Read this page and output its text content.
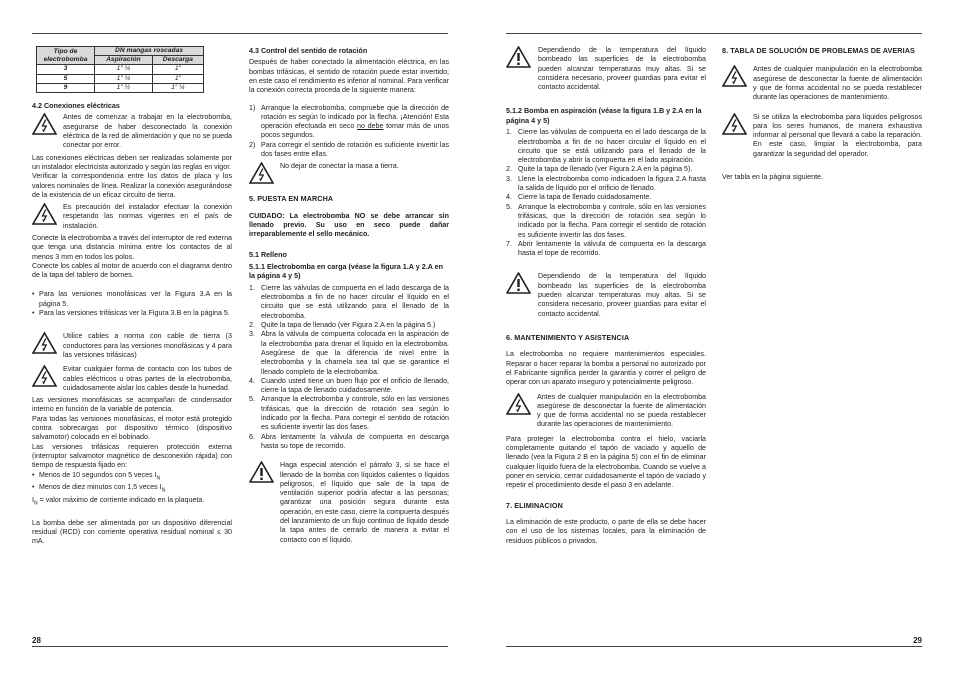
Tipo de electrobomba	DN mangas roscadas	
	Aspiración	Descarga
3	1" ¼	1"
5	1" ¼	1"
9	1" ½	1" ¼
4.2 Conexiones eléctricas

Antes de comenzar a trabajar en la electrobomba, asegurarse de haber desconectado la conexión eléctrica de la red de alimentación y que no se pueda conectar por error.

Las conexiones eléctricas deben ser realizadas solamente por un instalador electricista autorizado y según las reglas en vigor.

Verificar la correspondencia entre los datos de placa y los valores nominales de línea. Realizar la conexión asegurándose de la existencia de un eficaz circuito de tierra.

Es precaución del instalador efectuar la conexión respetando las normas vigentes en el país de instalación.

Conecte la electrobomba a través del interruptor de red externa que tenga una distancia mínima entre los contactos de al menos 3 mm en todos los polos.

Conecte los cables al motor de acuerdo con el diagrama dentro de la tapa del tablero de bornes.

• Para las versiones monofásicas ver la Figura 3.A en la página 5.
• Para las versiones trifásicas ver la Figura 3.B en la página 5.

Utilice cables a norma con cable de tierra (3 conductores para las versiones monofásicas y 4 para las versiones trifásicas)

Evitar cualquier forma de contacto con los tubos de cables eléctricos u otras partes de la electrobomba, cuidadosamente aislar los cables desde la humedad.

Las versiones monofásicas se acompañan de condensador interno en función de la variable de potencia.

Para todas las versiones monofásicas, el motor está protegido contra sobrecargas por dispositivo térmico (dispositivo salvamotor) colocado en el bobinado.

Las versiones trifásicas requieren protección externa (interruptor salvamotor magnético de desconexión rápida) con tiempo de respuesta fijado en:

• Menos de 10 segundos con 5 veces $I_N$
• Menos de diez minutos con 1,5 veces $I_N$

$I_N$ = valor máximo de corriente indicado en la plaqueta.

La bomba debe ser alimentada por un dispositivo diferencial residual (RCD) con corriente operativa residual nominal ≤ 30 mA.

4.3 Control del sentido de rotación

Después de haber conectado la alimentación eléctrica, en las bombas trifásicas, el sentido de rotación puede estar invertido; en este caso el rendimiento es inferior al nominal. Para verificar la conexión correcta proceda de la siguiente manera:

1) Arranque la electrobomba, compruebe que la dirección de rotación es según lo indicado por la flecha. ¡Atención! Esta operación efectuada en seco no debe tomar más de unos pocos segundos.
2) Para corregir el sentido de rotación es suficiente invertir las dos fases entre ellas.

No dejar de conectar la masa a tierra.

5. PUESTA EN MARCHA

CUIDADO: La electrobomba NO se debe arrancar sin llenado previo. Su uso en seco puede dañar irreparablemente el sello mecánico.

5.1 Relleno
5.1.1 Electrobomba en carga (véase la figura 1.A y 2.A en la página 4 y 5)
1. Cierre las válvulas de compuerta en el lado descarga de la electrobomba a fin de no hacer circular el líquido en el circuito que se está utilizando para el llenado de la electrobomba.
2. Quite la tapa de llenado (ver Figura 2.A en la página 5.)
3. Abra la válvula de compuerta colocada en la aspiración de la electrobomba para drenar el líquido en la electrobomba. Asegúrese de que la diferencia de nivel entre la electrobomba y la charnela sea tal que se garantice el llenado completo de la electrobomba.
4. Cuando usted tiene un buen flujo por el orificio de llenado, cierre la tapa de llenado cuidadosamente.
5. Arranque la electrobomba y controle, sólo en las versiones trifásicas, que la dirección de rotación sea según lo indicado por la flecha. Para corregir el sentido de rotación es suficiente invertir las dos fases.
6. Abra lentamente la válvula de compuerta en descarga hasta su tope de recorrido.

Haga especial atención el párrafo 3, si se hace el llenado de la bomba con líquidos calientes o líquidos peligrosos, el líquido que sale de la tapa de ventilación superior podría afectar a las personas; garantizar una posición segura durante esta operación, en este caso, cierre la compuerta después del lanzamiento de un flujo continuo de líquido desde la tapa antes de cerrarlo de manera a evitar el contacto con el líquido.

28

Dependiendo de la temperatura del líquido bombeado las superficies de la electrobomba pueden alcanzar temperaturas muy altas. Si se considera necesario, proveer guardias para evitar el contacto accidental.

5.1.2 Bomba en aspiración (véase la figura 1.B y 2.A en la página 4 y 5)
1. Cierre las válvulas de compuerta en el lado descarga de la electrobomba a fin de no hacer circular el líquido en el circuito que se está utilizando para el llenado de la electrobomba y abrir la compuerta en el lado aspiración.
2. Quite la tapa de llenado (ver Figura 2.A en la página 5).
3. Llene la electrobomba como indicadoen la figura 2.A hasta la salida de líquido por el orificio de llenado.
4. Cierre la tapa de llenado cuidadosamente.
5. Arranque la electrobomba y controle, sólo en las versiones trifásicas, que la dirección de rotación sea según lo indicado por la flecha. Para corregir el sentido de rotación es suficiente invertir las dos fases.
7. Abrir lentamente la válvula de compuerta en la descarga hasta el tope de recorrido.

Dependiendo de la temperatura del líquido bombeado las superficies de la electrobomba pueden alcanzar temperaturas muy altas. Si se considera necesario, proveer guardias para evitar el contacto accidental.

6. MANTENIMIENTO Y ASISTENCIA

La electrobomba no requiere mantenimientos especiales. Reparar o hacer reparar la bomba a personal no autorizado por el Fabricante significa perder la garantía y correr el peligro de operar con un aparato inseguro y potencialmente peligroso.

Antes de cualquier manipulación en la electrobomba asegúrese de desconectar la fuente de alimentación y que de forma accidental no se pueda restablecer durante las operaciones de mantenimiento.

Para proteger la electrobomba contra el hielo, vaciarla completamente quitando el tapón de vaciado y aquello de llenado (vea la Figura 2 B en la página 5) con el fin de eliminar cualquier líquido fuera de la electrobomba. Cuando se vuelve a poner en servicio, cerrar cuidadosamente el tapón de vaciado y repetir el procedimiento desde el paso 3 en adelante.

7. ELIMINACION

La eliminación de este producto, o parte de ella se debe hacer con el uso de los sistemas locales, para la eliminación de residuos públicos o privados.

8. TABLA DE SOLUCIÓN DE PROBLEMAS DE AVERIAS

Antes de cualquier manipulación en la electrobomba asegúrese de desconectar la fuente de alimentación y que de forma accidental no se pueda restablecer durante las operaciones de mantenimiento.

Si se utiliza la electrobomba para líquidos peligrosos para los seres humanos, de manera exhaustiva informar al personal que llevará a cabo la reparación. En este caso, limpiar la electrobomba, para garantizar la seguridad del operador.

Ver tabla en la página siguiente.

29
